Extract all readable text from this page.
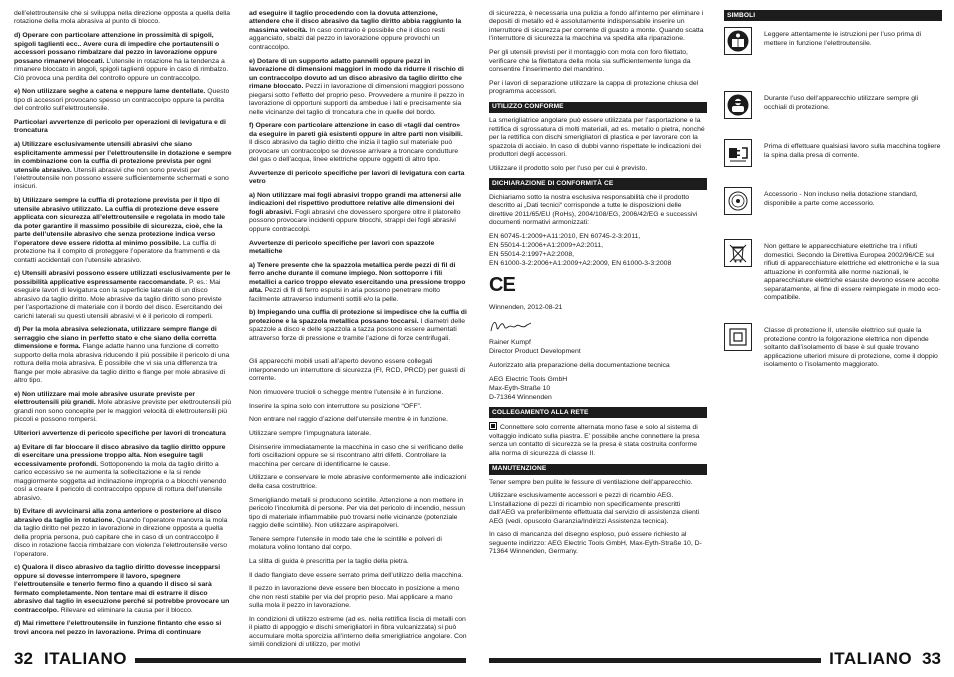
dell’elettroutensile che si sviluppa nella direzione opposta a quella della rotazione della mola abrasiva al punto di blocco.

d) Operare con particolare attenzione in prossimità di spigoli, spigoli taglienti ecc.. Avere cura di impedire che portautensili o accessori possano rimbalzare dal pezzo in lavorazione oppure possano rimanervi bloccati. L’utensile in rotazione ha la tendenza a rimanere bloccato in angoli, spigoli taglienti oppure in caso di rimbalzo. Ciò provoca una perdita del controllo oppure un contraccolpo.

e) Non utilizzare seghe a catena e neppure lame dentellate. Questo tipo di accessori provocano spesso un contraccolpo oppure la perdita del controllo sull’elettroutensile.

Particolari avvertenze di pericolo per operazioni di levigatura e di troncatura

a) Utilizzare esclusivamente utensili abrasivi che siano esplicitamente ammessi per l’elettroutensile in dotazione e sempre in combinazione con la cuffia di protezione prevista per ogni utensile abrasivo. Utensili abrasivi che non sono previsti per l’elettroutensile non possono essere sufficientemente schermati e sono insicuri.

b) Utilizzare sempre la cuffia di protezione prevista per il tipo di utensile abrasivo utilizzato. La cuffia di protezione deve essere applicata con sicurezza all’elettroutensile e regolata in modo tale da poter garantire il massimo possibile di sicurezza, cioè, che la parte dell’utensile abrasivo che senza protezione indica verso l’operatore deve essere ridotta al minimo possibile. La cuffia di protezione ha il compito di proteggere l’operatore da frammenti e da contatti accidentali con l’utensile abrasivo.

c) Utensili abrasivi possono essere utilizzati esclusivamente per le possibilità applicative espressamente raccomandate. P. es.: Mai eseguire lavori di levigatura con la superficie laterale di un disco abrasivo da taglio diritto. Mole abrasive da taglio diritto sono previste per l’asportazione di materiale con il bordo del disco. Esercitando dei carichi laterali su questi utensili abrasivi vi è il pericolo di romperli.

d) Per la mola abrasiva selezionata, utilizzare sempre flange di serraggio che siano in perfetto stato e che siano della corretta dimensione e forma. Flange adatte hanno una funzione di corretto supporto della mola abrasiva riducendo il più possibile il pericolo di una rottura della mola abrasiva. È possibile che vi sia una differenza tra flange per mole abrasive da taglio diritto e flange per mole abrasive di altro tipo.

e) Non utilizzare mai mole abrasive usurate previste per elettroutensili più grandi. Mole abrasive previste per elettroutensili più grandi non sono concepite per le maggiori velocità di elettroutensili più piccoli e possono rompersi.

Ulteriori avvertenze di pericolo specifiche per lavori di troncatura

a) Evitare di far bloccare il disco abrasivo da taglio diritto oppure di esercitare una pressione troppo alta. Non eseguire tagli eccessivamente profondi. Sottoponendo la mola da taglio diritto a carico eccessivo se ne aumenta la sollecitazione e la si rende maggiormente soggetta ad inclinazione impropria o a blocchi venendo così a creare il pericolo di contraccolpo oppure di rottura dell’utensile abrasivo.

b) Evitare di avvicinarsi alla zona anteriore o posteriore al disco abrasivo da taglio in rotazione. Quando l’operatore manovra la mola da taglio diritto nel pezzo in lavorazione in direzione opposta a quella della propria persona, può capitare che in caso di un contraccolpo il disco in rotazione faccia rimbalzare con violenza l’elettroutensile verso l’operatore.

c) Qualora il disco abrasivo da taglio diritto dovesse incepparsi oppure si dovesse interrompere il lavoro, spegnere l’elettroutensile e tenerlo fermo fino a quando il disco si sarà fermato completamente. Non tentare mai di estrarre il disco abrasivo dal taglio in esecuzione perché si potrebbe provocare un contraccolpo. Rilevare ed eliminare la causa per il blocco.

d) Mai rimettere l’elettroutensile in funzione fintanto che esso si trovi ancora nel pezzo in lavorazione. Prima di continuare

ad eseguire il taglio procedendo con la dovuta attenzione, attendere che il disco abrasivo da taglio diritto abbia raggiunto la massima velocità. In caso contrario è possibile che il disco resti agganciato, sbalzi dal pezzo in lavorazione oppure provochi un contraccolpo.

e) Dotare di un supporto adatto pannelli oppure pezzi in lavorazione di dimensioni maggiori in modo da ridurre il rischio di un contraccolpo dovuto ad un disco abrasivo da taglio diritto che rimane bloccato. Pezzi in lavorazione di dimensioni maggiori possono piegarsi sotto l’effetto del proprio peso. Provvedere a munire il pezzo in lavorazione di opportuni supporti da ambedue i lati e precisamente sia nelle vicinanze del taglio di troncatura che in quelle del bordo.

f) Operare con particolare attenzione in caso di «tagli dal centro» da eseguire in pareti già esistenti oppure in altre parti non visibili. Il disco abrasivo da taglio diritto che inizia il taglio sul materiale può provocare un contraccolpo se dovesse arrivare a troncare condutture del gas o dell’acqua, linee elettriche oppure oggetti di altro tipo.

Avvertenze di pericolo specifiche per lavori di levigatura con carta vetro

a) Non utilizzare mai fogli abrasivi troppo grandi ma attenersi alle indicazioni del rispettivo produttore relative alle dimensioni dei fogli abrasivi. Fogli abrasivi che dovessero sporgere oltre il platorello possono provocare incidenti oppure blocchi, strappi dei fogli abrasivi oppure contraccolpi.

Avvertenze di pericolo specifiche per lavori con spazzole metalliche

a) Tenere presente che la spazzola metallica perde pezzi di fil di ferro anche durante il comune impiego. Non sottoporre i fili metallici a carico troppo elevato esercitando una pressione troppo alta. Pezzi di fil di ferro espulsi in aria possono penetrare molto facilmente attraverso indumenti sottili e/o la pelle.

b) Impiegando una cuffia di protezione si impedisce che la cuffia di protezione e la spazzola metallica possano toccarsi. I diametri delle spazzole a disco e delle spazzola a tazza possono essere aumentati attraverso forze di pressione e tramite l’azione di forze centrifugali.

Gli apparecchi mobili usati all’aperto devono essere collegati interponendo un interruttore di sicurezza (FI, RCD, PRCD) per guasti di corrente.

Non rimuovere trucioli o schegge mentre l’utensile è in funzione.

Inserire la spina solo con interruttore su posizione “OFF”.

Non entrare nel raggio d’azione dell’utensile mentre è in funzione.

Utilizzare sempre l’impugnatura laterale.

Disinserire immediatamente la macchina in caso che si verificano delle forti oscillazioni oppure se si riscontrano altri difetti. Controllare la macchina per cercare di identificarne le cause.

Utilizzare e conservare le mole abrasive conformemente alle indicazioni della casa costruttrice.

Smerigliando metalli si producono scintille. Attenzione a non mettere in pericolo l’incolumità di persone. Per via del pericolo di incendio, nessun tipo di materiale infiammabile può trovarsi nelle vicinanze (potenziale raggio delle scintille). Non utilizzare aspirapolveri.

Tenere sempre l’utensile in modo tale che le scintille e polveri di molatura volino lontano dal corpo.

La slitta di guida è prescritta per la taglio della pietra.

Il dado flangiato deve essere serrato prima dell’utilizzo della macchina.

Il pezzo in lavorazione deve essere ben bloccato in posizione a meno che non resti stabile per via del proprio peso. Mai applicare a mano sulla mola il pezzo in lavorazione.

In condizioni di utilizzo estreme (ad es. nella rettifica liscia di metalli con il piatto di appoggio e dischi smerigliatori in fibra vulcanizzata) si può accumulare molta sporcizia all’interno della smerigliatrice angolare. Con simili condizioni di utilizzo, per motivi

32 ITALIANO

di sicurezza, è necessaria una pulizia a fondo all’interno per eliminare i depositi di metallo ed è assolutamente indispensabile inserire un interruttore di sicurezza per corrente di guasto a monte. Quando scatta l’interruttore di sicurezza la macchina va spedita alla riparazione.

Per gli utensili previsti per il montaggio con mola con foro filettato, verificare che la filettatura della mola sia sufficientemente lunga da consentire l’inserimento del mandrino.

Per i lavori di separazione utilizzare la cappa di protezione chiusa del programma accessori.

UTILIZZO CONFORME

La smerigliatrice angolare può essere utilizzata per l’asportazione e la rettifica di sgrossatura di molti materiali, ad es. metallo o pietra, nonché per la rettifica con dischi smerigliatori di plastica e per lavorare con la spazzola di acciaio. In caso di dubbi vanno rispettate le indicazioni dei produttori degli accessori.

Utilizzare il prodotto solo per l’uso per cui è previsto.

DICHIARAZIONE DI CONFORMITÀ CE

Dichiariamo sotto la nostra esclusiva responsabilità che il prodotto descritto ai „Dati tecnici“ corrisponde a tutte le disposizioni delle direttive 2011/65/EU (RoHs), 2004/108/EG, 2006/42/EG e successivi documenti normativi armonizzati:

EN 60745-1:2009+A11:2010, EN 60745-2-3:2011,

EN 55014-1:2006+A1:2009+A2:2011,

EN 55014-2:1997+A2:2008,

EN 61000-3-2:2006+A1:2009+A2:2009, EN 61000-3-3:2008

CE

Winnenden, 2012-08-21

Rainer Kumpf

Director Product Development

Autorizzato alla preparazione della documentazione tecnica

AEG Electric Tools GmbH

Max-Eyth-Straße 10

D-71364 Winnenden

COLLEGAMENTO ALLA RETE

Connettere solo corrente alternata mono fase e solo al sistema di voltaggio indicato sulla piastra. E’ possibile anche connettere la presa senza un contatto di sicurezza se la presa è stata costruita conforme alla norma di sicurezza di classe II.

MANUTENZIONE

Tener sempre ben pulite le fessure di ventilazione dell’apparecchio.

Utilizzare esclusivamente accessori e pezzi di ricambio AEG. L’installazione di pezzi di ricambio non specificamente prescritti dall’AEG va preferibilmente effettuata dal servizio di assistenza clienti AEG (vedi. opuscolo Garanzia/Indirizzi Assistenza tecnica).

In caso di mancanza del disegno esploso, può essere richiesto al seguente indirizzo: AEG Electric Tools GmbH, Max-Eyth-Straße 10, D-71364 Winnenden, Germany.

SIMBOLI
Leggere attentamente le istruzioni per l’uso prima di mettere in funzione l’elettroutensile.
Durante l’uso dell’apparecchio utilizzare sempre gli occhiali di protezione.
Prima di effettuare qualsiasi lavoro sulla macchina togliere la spina dalla presa di corrente.
Accessorio - Non incluso nella dotazione standard, disponibile a parte come accessorio.
Non gettare le apparecchiature elettriche tra i rifiuti domestici. Secondo la Direttiva Europea 2002/96/CE sui rifiuti di apparecchiature elettriche ed elettroniche e la sua attuazione in conformità alle norme nazionali, le apparecchiature elettriche esauste devono essere accolte separatamente, al fine di essere reimpiegate in modo eco-compatibile.
Classe di protezione II, utensile elettrico sul quale la protezione contro la folgorazione elettrica non dipende soltanto dall’isolamento di base è sul quale trovano applicazione ulteriori misure di protezione, come il doppio isolamento o l’isolamento maggiorato.
ITALIANO 33
